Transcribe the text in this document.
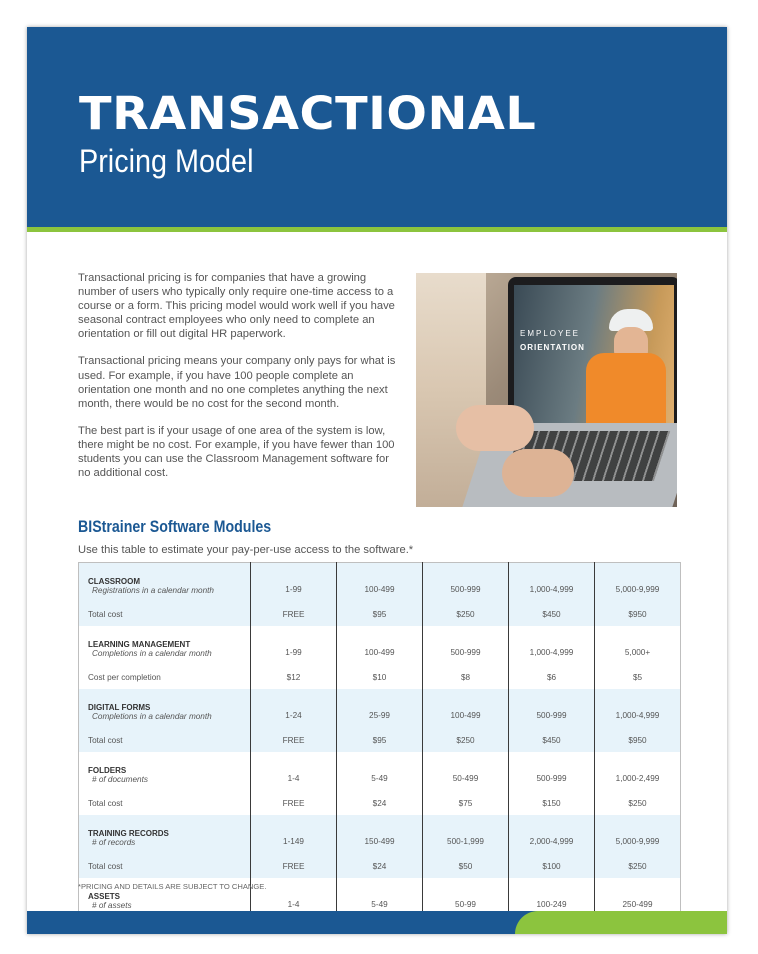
TRANSACTIONAL
Pricing Model

Transactional pricing is for companies that have a growing number of users who typically only require one-time access to a course or a form. This pricing model would work well if you have seasonal contract employees who only need to complete an orientation or fill out digital HR paperwork.

Transactional pricing means your company only pays for what is used. For example, if you have 100 people complete an orientation one month and no one completes anything the next month, there would be no cost for the second month.

The best part is if your usage of one area of the system is low, there might be no cost. For example, if you have fewer than 100 students you can use the Classroom Management software for no additional cost.

EMPLOYEE
ORIENTATION
BIStrainer Software Modules
Use this table to estimate your pay-per-use access to the software.*
CLASSROOM
Registrations in a calendar month	1-99	100-499	500-999	1,000-4,999	5,000-9,999
Total cost	FREE	$95	$250	$450	$950

LEARNING MANAGEMENT
Completions in a calendar month	1-99	100-499	500-999	1,000-4,999	5,000+
Cost per completion	$12	$10	$8	$6	$5

DIGITAL FORMS
Completions in a calendar month	1-24	25-99	100-499	500-999	1,000-4,999
Total cost	FREE	$95	$250	$450	$950

FOLDERS
# of documents	1-4	5-49	50-499	500-999	1,000-2,499
Total cost	FREE	$24	$75	$150	$250

TRAINING RECORDS
# of records	1-149	150-499	500-1,999	2,000-4,999	5,000-9,999
Total cost	FREE	$24	$50	$100	$250

ASSETS
# of assets	1-4	5-49	50-99	100-249	250-499

*PRICING AND DETAILS ARE SUBJECT TO CHANGE.
